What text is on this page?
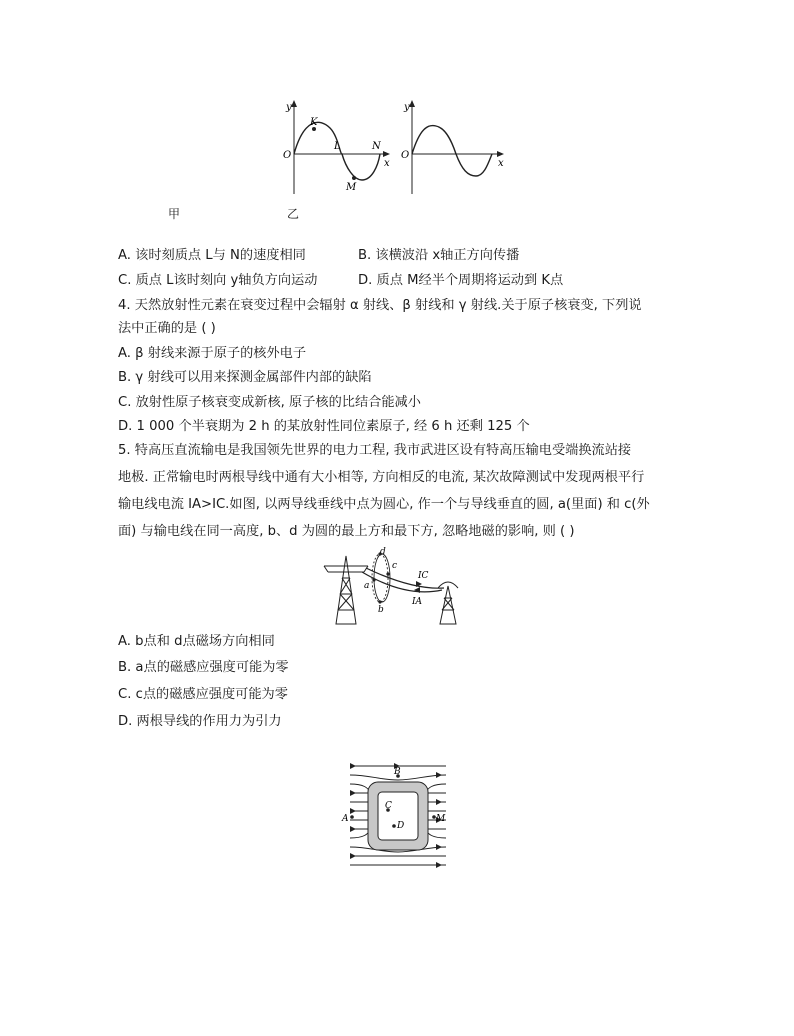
y
x
O
K
L
M
N
y
x
O
甲	乙
A. 该时刻质点 L与 N的速度相同	B. 该横波沿 x轴正方向传播
C. 质点 L该时刻向 y轴负方向运动	D. 质点 M经半个周期将运动到 K点
4. 天然放射性元素在衰变过程中会辐射 α 射线、β 射线和 γ 射线.关于原子核衰变, 下列说
法中正确的是 ( )
A. β 射线来源于原子的核外电子
B. γ 射线可以用来探测金属部件内部的缺陷
C. 放射性原子核衰变成新核, 原子核的比结合能减小
D. 1 000 个半衰期为 2 h 的某放射性同位素原子, 经 6 h 还剩 125 个
5. 特高压直流输电是我国领先世界的电力工程, 我市武进区设有特高压输电受端换流站接
地极. 正常输电时两根导线中通有大小相等, 方向相反的电流, 某次故障测试中发现两根平行
输电线电流 IA>IC.如图, 以两导线垂线中点为圆心, 作一个与导线垂直的圆, a(里面) 和 c(外
面) 与输电线在同一高度, b、d 为圆的最上方和最下方, 忽略地磁的影响, 则 ( )
d
c
a
b
IC
IA
A. b点和 d点磁场方向相同
B. a点的磁感应强度可能为零
C. c点的磁感应强度可能为零
D. 两根导线的作用力为引力
B
A
C
D
M
